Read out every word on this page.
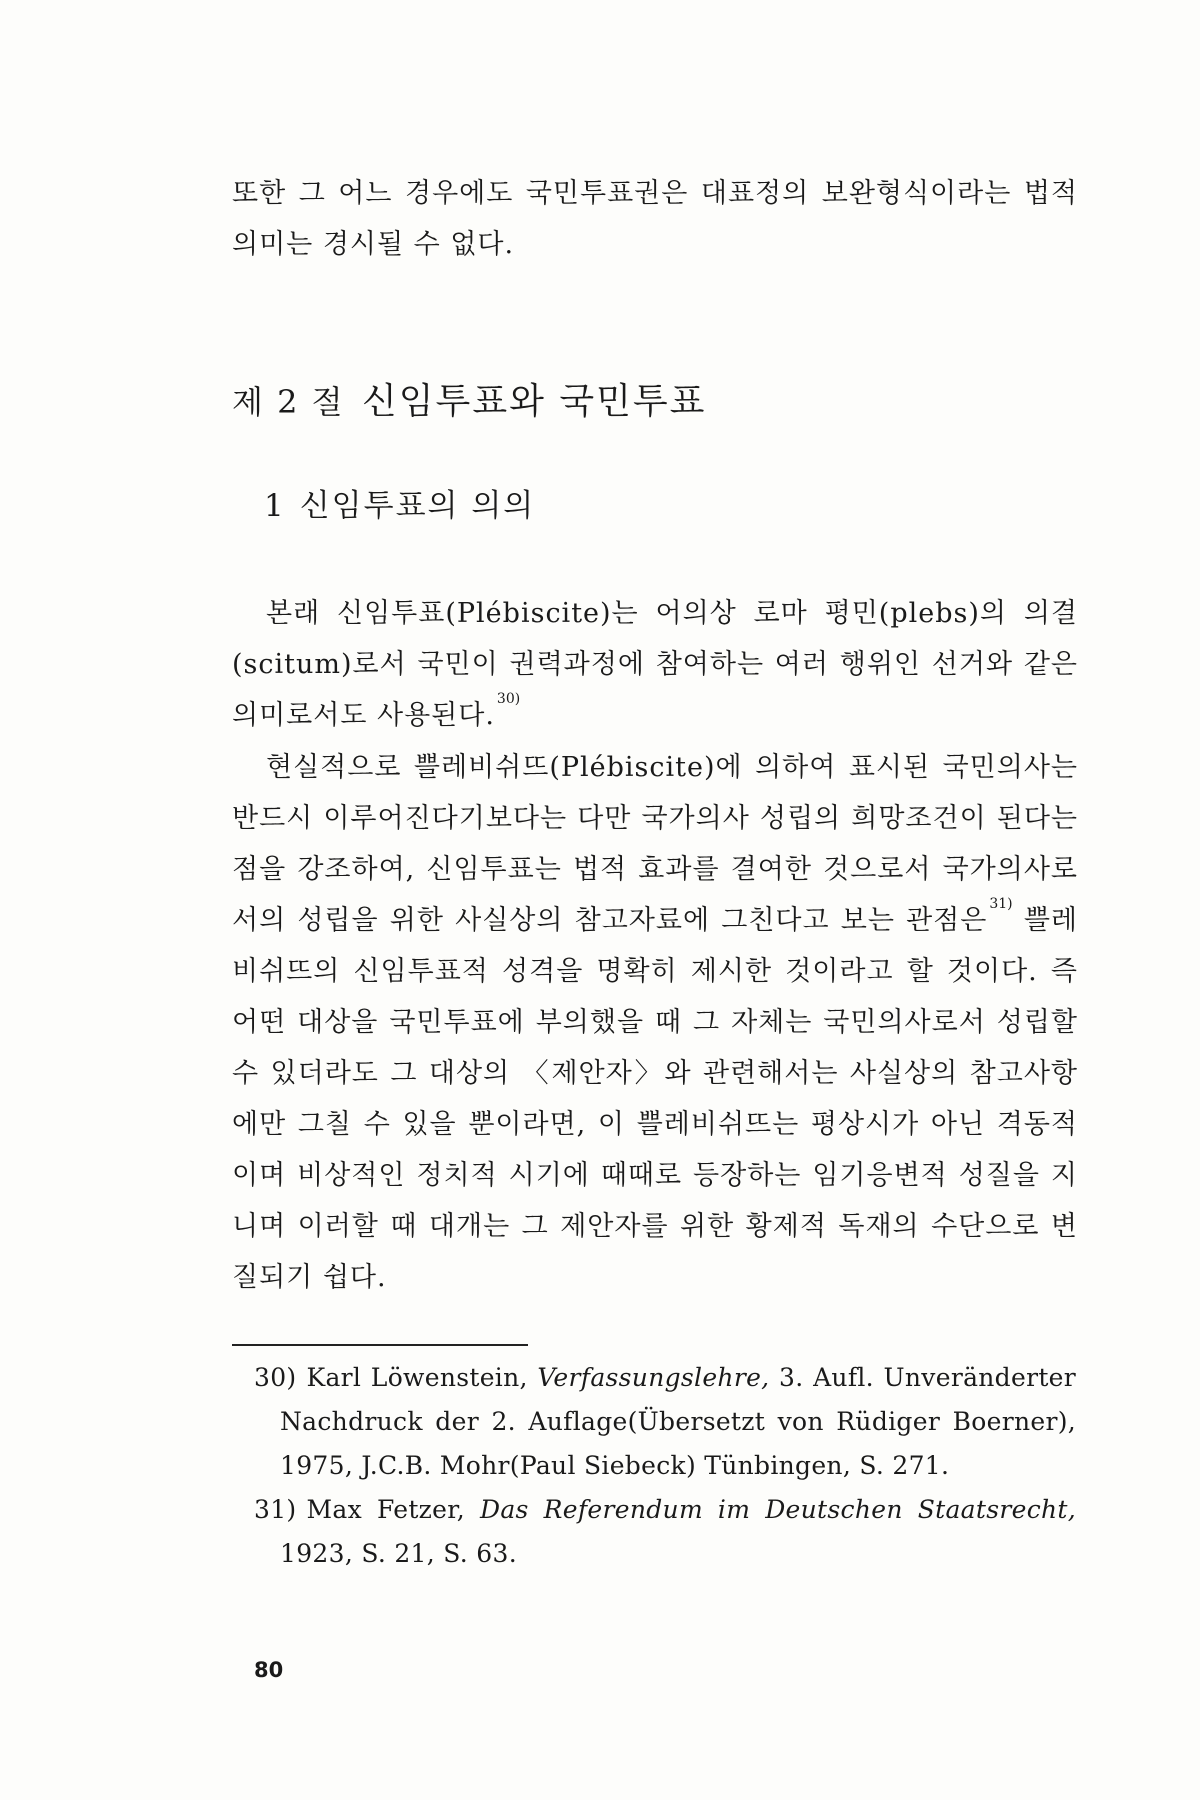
또한 그 어느 경우에도 국민투표권은 대표정의 보완형식이라는 법적 의미는 경시될 수 없다.
제 2 절 신임투표와 국민투표
1 신임투표의 의의
본래 신임투표(Plébiscite)는 어의상 로마 평민(plebs)의 의결(scitum)로서 국민이 권력과정에 참여하는 여러 행위인 선거와 같은 의미로서도 사용된다.$^{30)}$
현실적으로 쁠레비쉬뜨(Plébiscite)에 의하여 표시된 국민의사는 반드시 이루어진다기보다는 다만 국가의사 성립의 희망조건이 된다는 점을 강조하여, 신임투표는 법적 효과를 결여한 것으로서 국가의사로서의 성립을 위한 사실상의 참고자료에 그친다고 보는 관점은$^{31)}$ 쁠레비쉬뜨의 신임투표적 성격을 명확히 제시한 것이라고 할 것이다. 즉 어떤 대상을 국민투표에 부의했을 때 그 자체는 국민의사로서 성립할 수 있더라도 그 대상의 〈제안자〉와 관련해서는 사실상의 참고사항에만 그칠 수 있을 뿐이라면, 이 쁠레비쉬뜨는 평상시가 아닌 격동적이며 비상적인 정치적 시기에 때때로 등장하는 임기응변적 성질을 지니며 이러할 때 대개는 그 제안자를 위한 황제적 독재의 수단으로 변질되기 쉽다.
30) Karl Löwenstein, Verfassungslehre, 3. Aufl. Unveränderter Nachdruck der 2. Auflage(Übersetzt von Rüdiger Boerner), 1975, J.C.B. Mohr(Paul Siebeck) Tünbingen, S. 271.
31) Max Fetzer, Das Referendum im Deutschen Staatsrecht, 1923, S. 21, S. 63.
80
